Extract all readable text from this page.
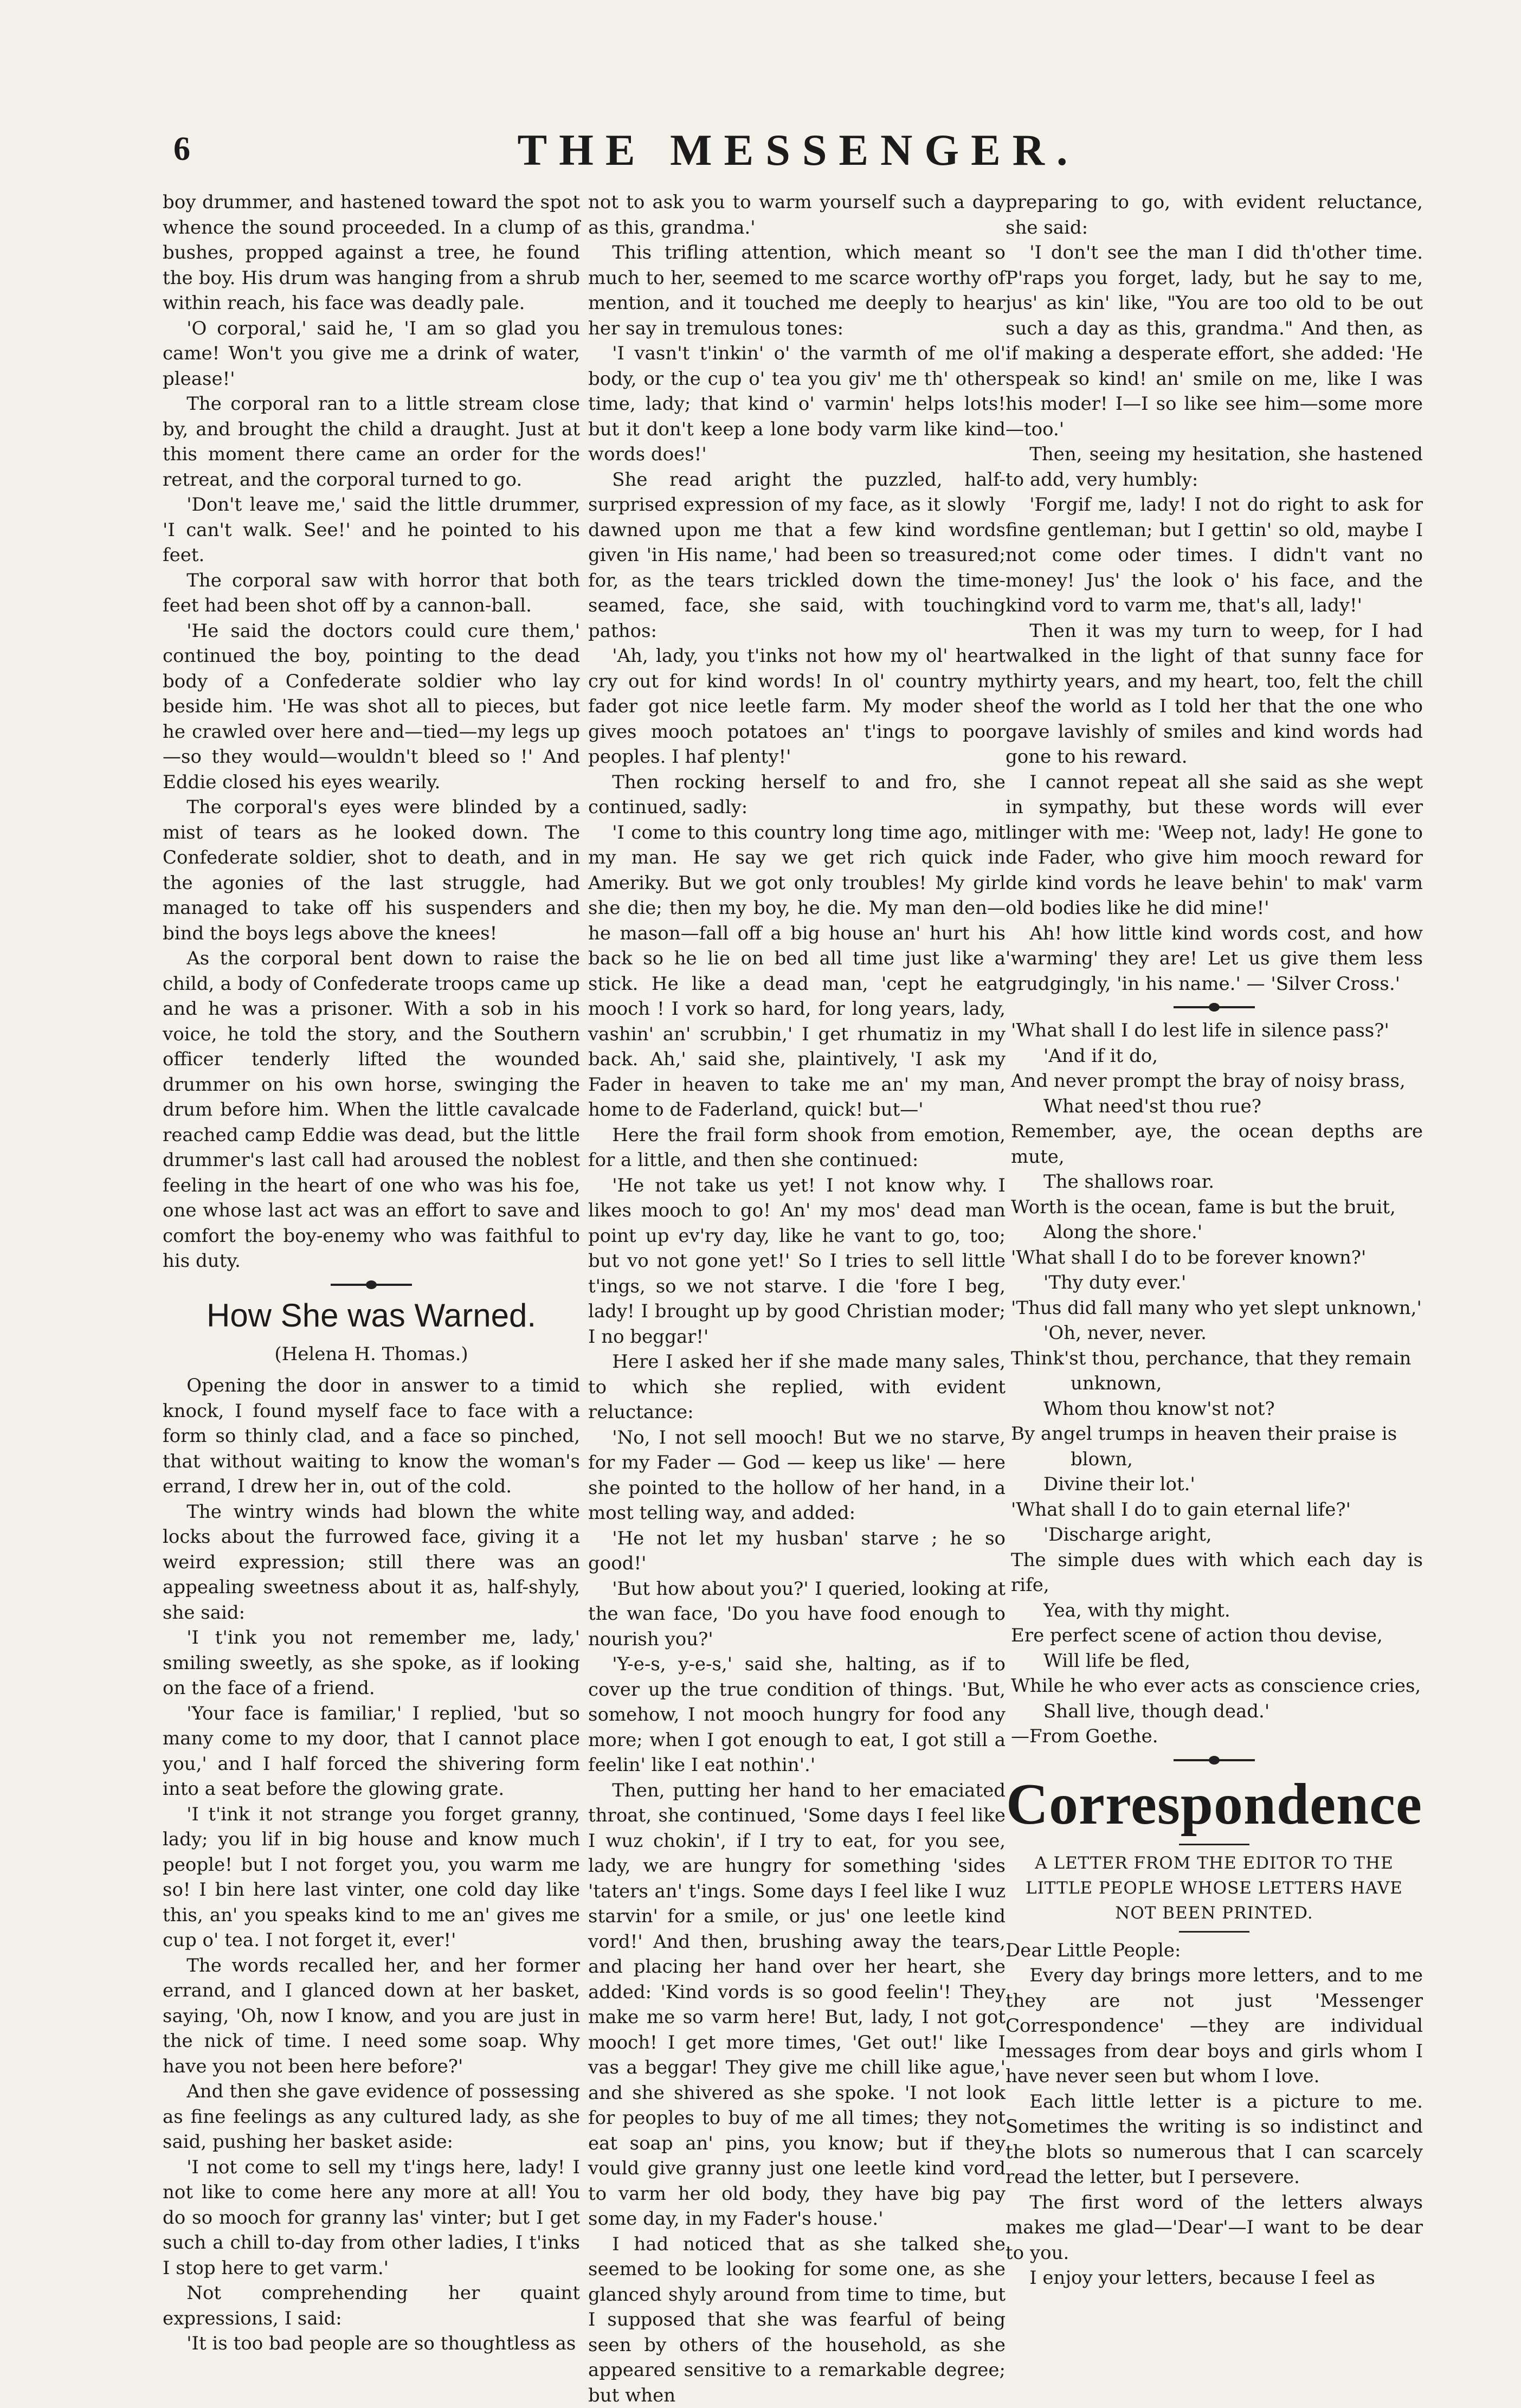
6	THE MESSENGER.

boy drummer, and hastened toward the spot whence the sound proceeded. In a clump of bushes, propped against a tree, he found the boy. His drum was hanging from a shrub within reach, his face was deadly pale.

'O corporal,' said he, 'I am so glad you came! Won't you give me a drink of water, please!'

The corporal ran to a little stream close by, and brought the child a draught. Just at this moment there came an order for the retreat, and the corporal turned to go.

'Don't leave me,' said the little drummer, 'I can't walk. See!' and he pointed to his feet.

The corporal saw with horror that both feet had been shot off by a cannon-ball.

'He said the doctors could cure them,' continued the boy, pointing to the dead body of a Confederate soldier who lay beside him. 'He was shot all to pieces, but he crawled over here and—tied—my legs up—so they would—wouldn't bleed so !' And Eddie closed his eyes wearily.

The corporal's eyes were blinded by a mist of tears as he looked down. The Confederate soldier, shot to death, and in the agonies of the last struggle, had managed to take off his suspenders and bind the boys legs above the knees!

As the corporal bent down to raise the child, a body of Confederate troops came up and he was a prisoner. With a sob in his voice, he told the story, and the Southern officer tenderly lifted the wounded drummer on his own horse, swinging the drum before him. When the little cavalcade reached camp Eddie was dead, but the little drummer's last call had aroused the noblest feeling in the heart of one who was his foe, one whose last act was an effort to save and comfort the boy-enemy who was faithful to his duty.

How She was Warned.
(Helena H. Thomas.)

Opening the door in answer to a timid knock, I found myself face to face with a form so thinly clad, and a face so pinched, that without waiting to know the woman's errand, I drew her in, out of the cold.

The wintry winds had blown the white locks about the furrowed face, giving it a weird expression; still there was an appealing sweetness about it as, half-shyly, she said:

'I t'ink you not remember me, lady,' smiling sweetly, as she spoke, as if looking on the face of a friend.

'Your face is familiar,' I replied, 'but so many come to my door, that I cannot place you,' and I half forced the shivering form into a seat before the glowing grate.

'I t'ink it not strange you forget granny, lady; you lif in big house and know much people! but I not forget you, you warm me so! I bin here last vinter, one cold day like this, an' you speaks kind to me an' gives me cup o' tea. I not forget it, ever!'

The words recalled her, and her former errand, and I glanced down at her basket, saying, 'Oh, now I know, and you are just in the nick of time. I need some soap. Why have you not been here before?'

And then she gave evidence of possessing as fine feelings as any cultured lady, as she said, pushing her basket aside:

'I not come to sell my t'ings here, lady! I not like to come here any more at all! You do so mooch for granny las' vinter; but I get such a chill to-day from other ladies, I t'inks I stop here to get varm.'

Not comprehending her quaint expressions, I said:

'It is too bad people are so thoughtless as

not to ask you to warm yourself such a day as this, grandma.'

This trifling attention, which meant so much to her, seemed to me scarce worthy of mention, and it touched me deeply to hear her say in tremulous tones:

'I vasn't t'inkin' o' the varmth of me ol' body, or the cup o' tea you giv' me th' other time, lady; that kind o' varmin' helps lots! but it don't keep a lone body varm like kind words does!'

She read aright the puzzled, half-surprised expression of my face, as it slowly dawned upon me that a few kind words given 'in His name,' had been so treasured; for, as the tears trickled down the time-seamed, face, she said, with touching pathos:

'Ah, lady, you t'inks not how my ol' heart cry out for kind words! In ol' country my fader got nice leetle farm. My moder she gives mooch potatoes an' t'ings to poor peoples. I haf plenty!'

Then rocking herself to and fro, she continued, sadly:

'I come to this country long time ago, mit my man. He say we get rich quick in Ameriky. But we got only troubles! My girl she die; then my boy, he die. My man den—he mason—fall off a big house an' hurt his back so he lie on bed all time just like a stick. He like a dead man, 'cept he eat mooch ! I vork so hard, for long years, lady, vashin' an' scrubbin,' I get rhumatiz in my back. Ah,' said she, plaintively, 'I ask my Fader in heaven to take me an' my man, home to de Faderland, quick! but—'

Here the frail form shook from emotion, for a little, and then she continued:

'He not take us yet! I not know why. I likes mooch to go! An' my mos' dead man point up ev'ry day, like he vant to go, too; but vo not gone yet!' So I tries to sell little t'ings, so we not starve. I die 'fore I beg, lady! I brought up by good Christian moder; I no beggar!'

Here I asked her if she made many sales, to which she replied, with evident reluctance:

'No, I not sell mooch! But we no starve, for my Fader — God — keep us like' — here she pointed to the hollow of her hand, in a most telling way, and added:

'He not let my husban' starve ; he so good!'

'But how about you?' I queried, looking at the wan face, 'Do you have food enough to nourish you?'

'Y-e-s, y-e-s,' said she, halting, as if to cover up the true condition of things. 'But, somehow, I not mooch hungry for food any more; when I got enough to eat, I got still a feelin' like I eat nothin'.'

Then, putting her hand to her emaciated throat, she continued, 'Some days I feel like I wuz chokin', if I try to eat, for you see, lady, we are hungry for something 'sides 'taters an' t'ings. Some days I feel like I wuz starvin' for a smile, or jus' one leetle kind vord!' And then, brushing away the tears, and placing her hand over her heart, she added: 'Kind vords is so good feelin'! They make me so varm here! But, lady, I not got mooch! I get more times, 'Get out!' like I vas a beggar! They give me chill like ague,' and she shivered as she spoke. 'I not look for peoples to buy of me all times; they not eat soap an' pins, you know; but if they vould give granny just one leetle kind vord to varm her old body, they have big pay some day, in my Fader's house.'

I had noticed that as she talked she seemed to be looking for some one, as she glanced shyly around from time to time, but I supposed that she was fearful of being seen by others of the household, as she appeared sensitive to a remarkable degree; but when

preparing to go, with evident reluctance, she said:

'I don't see the man I did th'other time. P'raps you forget, lady, but he say to me, jus' as kin' like, "You are too old to be out such a day as this, grandma." And then, as if making a desperate effort, she added: 'He speak so kind! an' smile on me, like I was his moder! I—I so like see him—some more—too.'

Then, seeing my hesitation, she hastened to add, very humbly:

'Forgif me, lady! I not do right to ask for fine gentleman; but I gettin' so old, maybe I not come oder times. I didn't vant no money! Jus' the look o' his face, and the kind vord to varm me, that's all, lady!'

Then it was my turn to weep, for I had walked in the light of that sunny face for thirty years, and my heart, too, felt the chill of the world as I told her that the one who gave lavishly of smiles and kind words had gone to his reward.

I cannot repeat all she said as she wept in sympathy, but these words will ever linger with me: 'Weep not, lady! He gone to de Fader, who give him mooch reward for de kind vords he leave behin' to mak' varm old bodies like he did mine!'

Ah! how little kind words cost, and how 'warming' they are! Let us give them less grudgingly, 'in his name.' — 'Silver Cross.'

'What shall I do lest life in silence pass?'
'And if it do,
And never prompt the bray of noisy brass,
What need'st thou rue?
Remember, aye, the ocean depths are mute,
The shallows roar.
Worth is the ocean, fame is but the bruit,
Along the shore.'
'What shall I do to be forever known?'
'Thy duty ever.'
'Thus did fall many who yet slept unknown,'
'Oh, never, never.
Think'st thou, perchance, that they remain
unknown,
Whom thou know'st not?
By angel trumps in heaven their praise is
blown,
Divine their lot.'
'What shall I do to gain eternal life?'
'Discharge aright,
The simple dues with which each day is rife,
Yea, with thy might.
Ere perfect scene of action thou devise,
Will life be fled,
While he who ever acts as conscience cries,
Shall live, though dead.'
—From Goethe.
Correspondence
A LETTER FROM THE EDITOR TO THE LITTLE PEOPLE WHOSE LETTERS HAVE NOT BEEN PRINTED.

Dear Little People:

Every day brings more letters, and to me they are not just 'Messenger Correspondence' —they are individual messages from dear boys and girls whom I have never seen but whom I love.

Each little letter is a picture to me. Sometimes the writing is so indistinct and the blots so numerous that I can scarcely read the letter, but I persevere.

The first word of the letters always makes me glad—'Dear'—I want to be dear to you.

I enjoy your letters, because I feel as
